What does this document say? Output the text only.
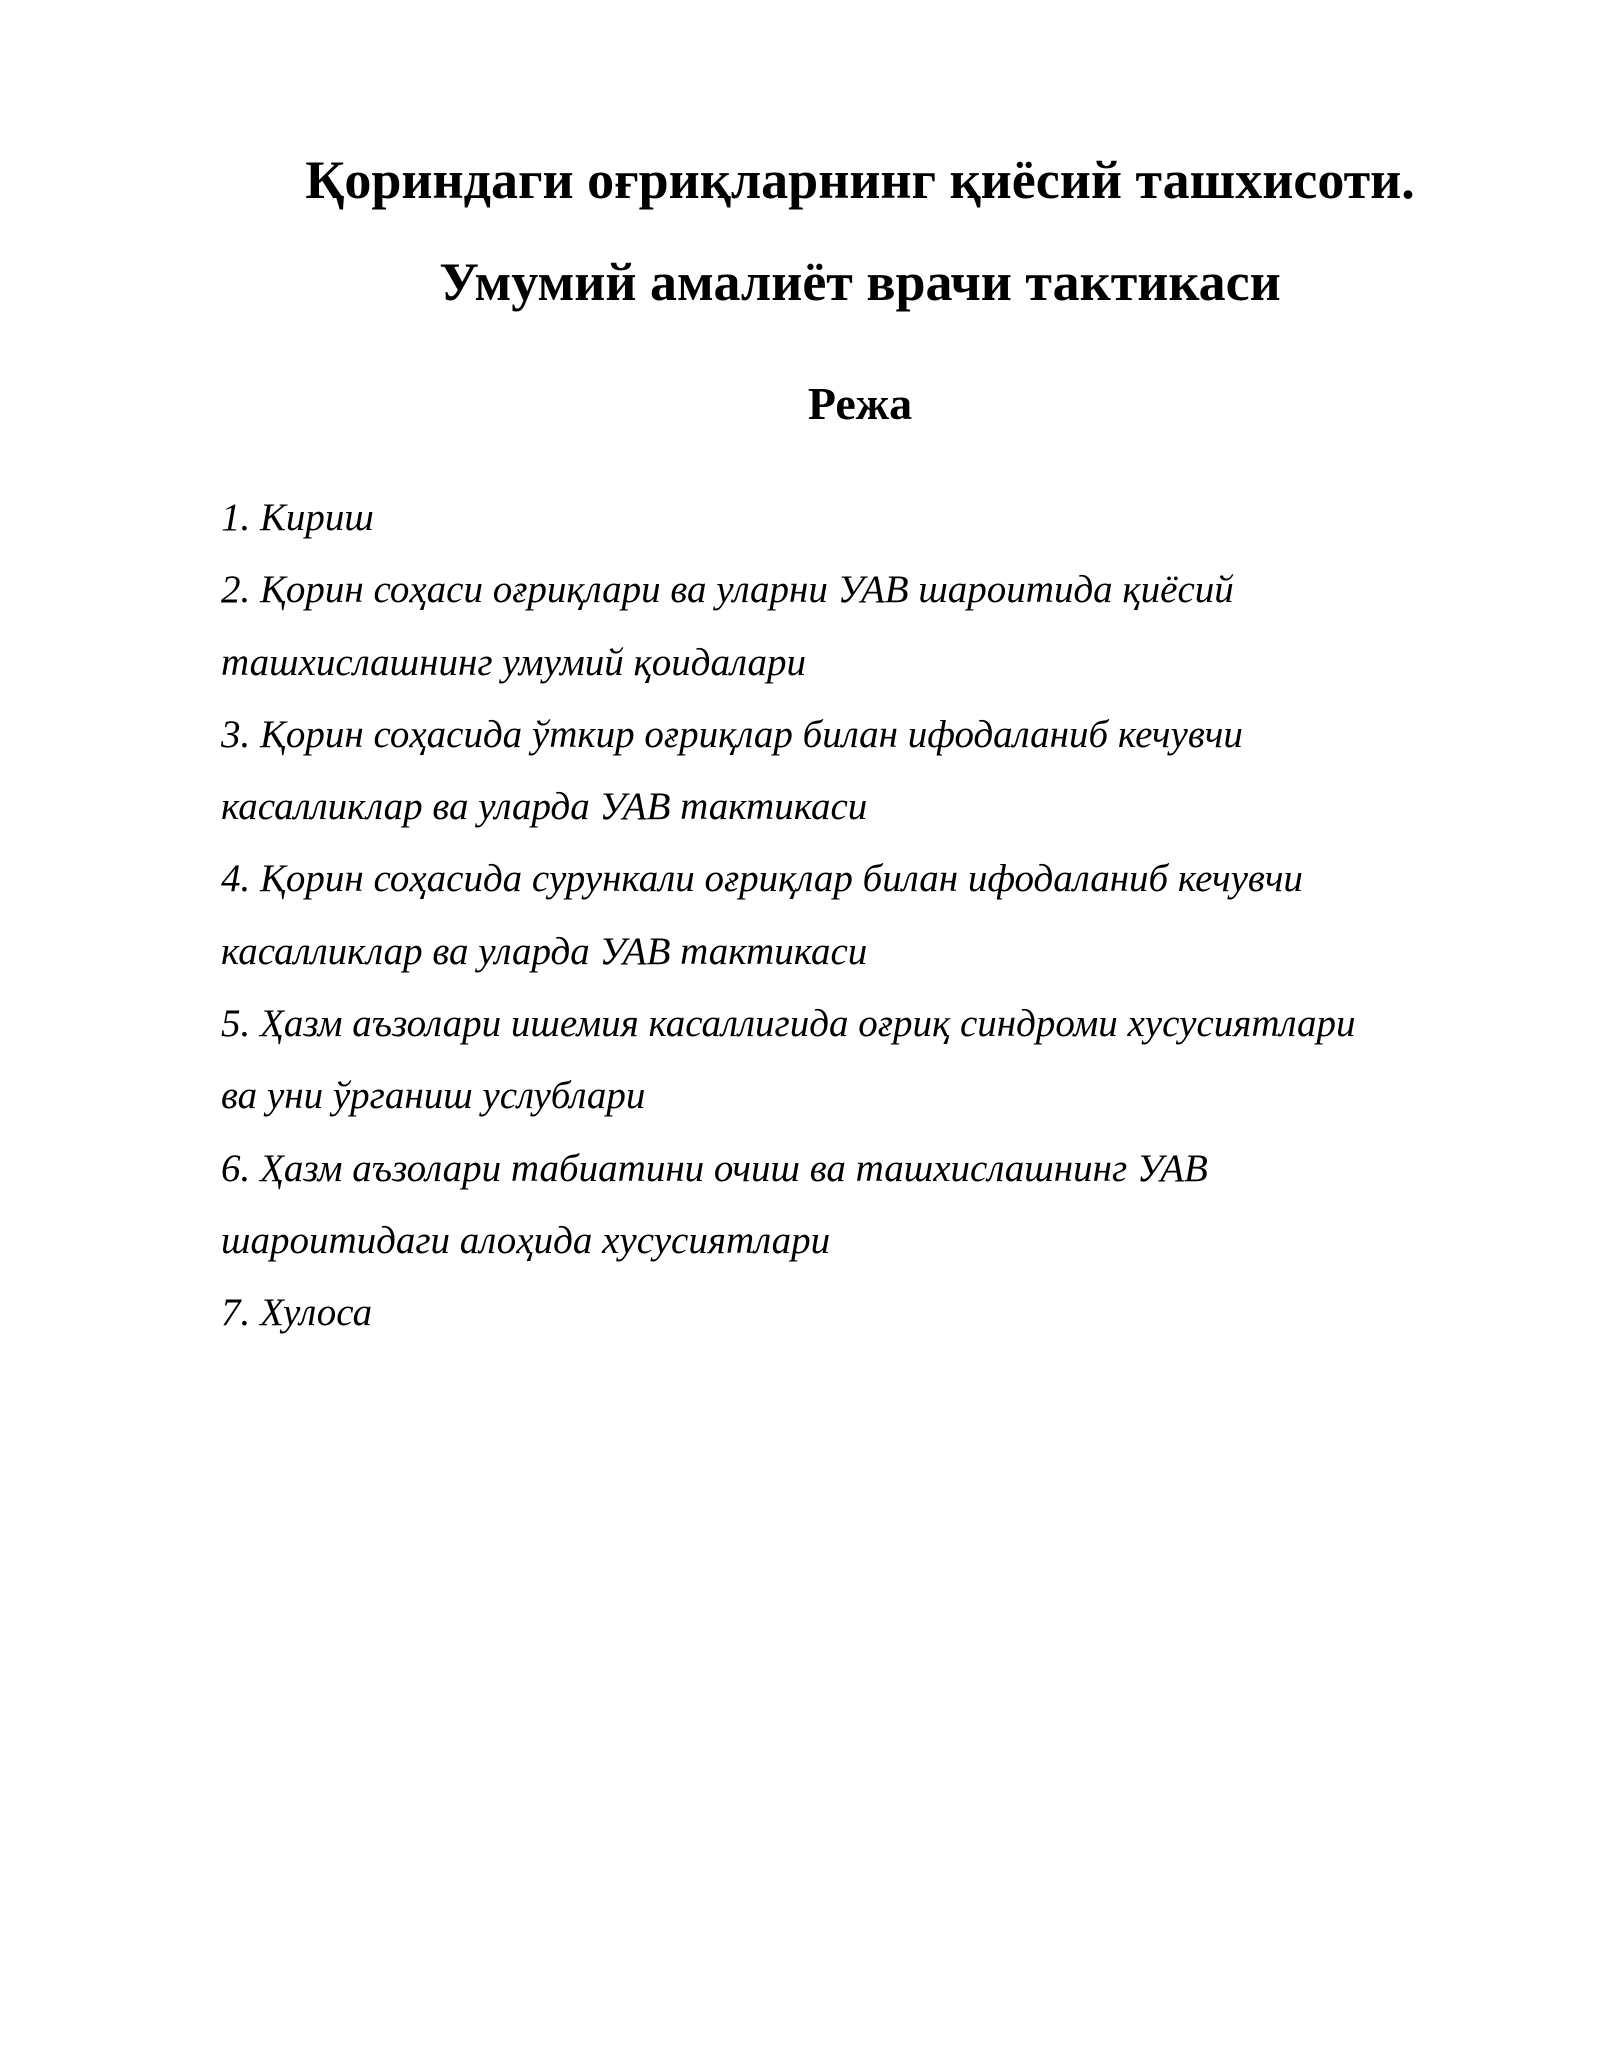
Қориндаги оғриқларнинг қиёсий ташхисоти.
Умумий амалиёт врачи тактикаси
Режа
1. Кириш
2. Қорин соҳаси оғриқлари ва уларни УАВ шароитида қиёсий
ташхислашнинг умумий қоидалари
3. Қорин соҳасида ўткир оғриқлар билан ифодаланиб кечувчи
касалликлар ва уларда УАВ тактикаси
4. Қорин соҳасида сурункали оғриқлар билан ифодаланиб кечувчи
касалликлар ва уларда УАВ тактикаси
5. Ҳазм аъзолари ишемия касаллигида оғриқ синдроми хусусиятлари
ва уни ўрганиш услублари
6. Ҳазм аъзолари табиатини очиш ва ташхислашнинг УАВ
шароитидаги алоҳида хусусиятлари
7. Хулоса
